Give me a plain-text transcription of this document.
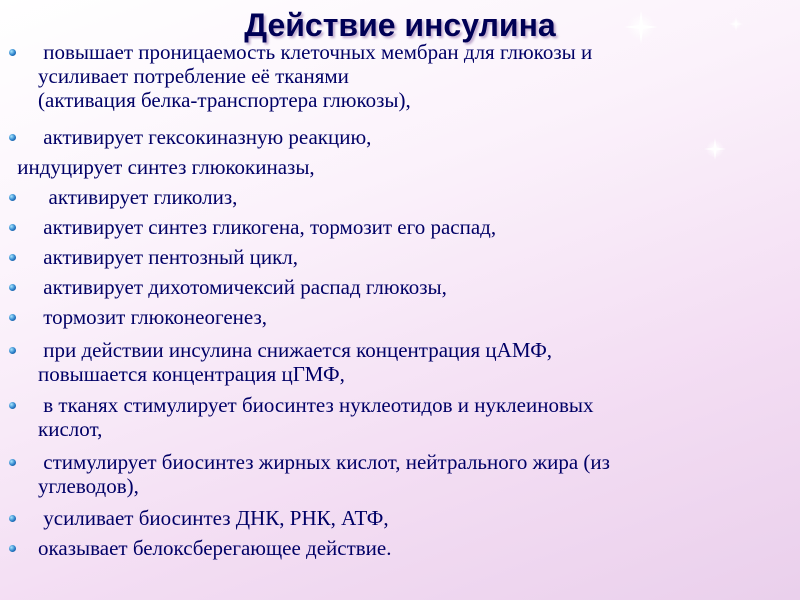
Действие инсулина
повышает проницаемость клеточных мембран для глюкозы и
усиливает потребление её тканями
(активация белка-транспортера глюкозы),
активирует гексокиназную реакцию,
индуцирует синтез глюкокиназы,
активирует гликолиз,
активирует синтез гликогена, тормозит его распад,
активирует пентозный цикл,
активирует дихотомичексий распад глюкозы,
тормозит глюконеогенез,
при действии инсулина снижается концентрация цАМФ,
повышается концентрация цГМФ,
в тканях стимулирует биосинтез нуклеотидов и нуклеиновых
кислот,
стимулирует биосинтез жирных кислот, нейтрального жира (из
углеводов),
усиливает биосинтез ДНК, РНК, АТФ,
оказывает белоксберегающее действие.
